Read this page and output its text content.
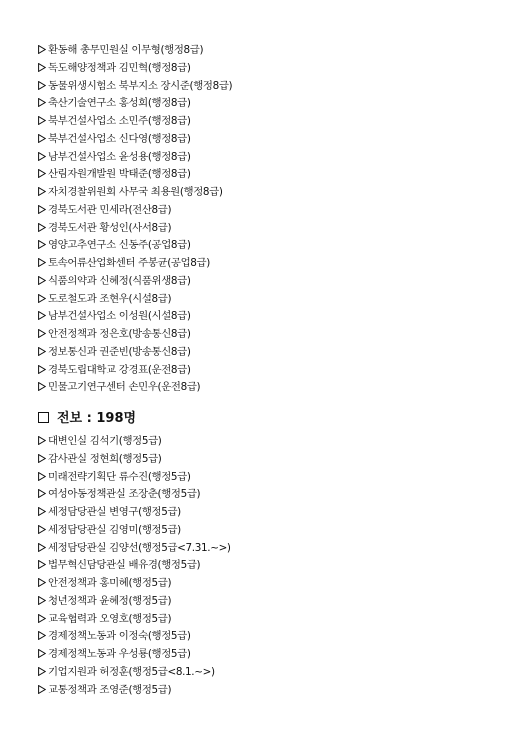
환동해 총무민원실 이무형(행정8급)
독도해양정책과 김민혁(행정8급)
동물위생시험소 북부지소 장시준(행정8급)
축산기술연구소 홍성희(행정8급)
북부건설사업소 소민주(행정8급)
북부건설사업소 신다영(행정8급)
남부건설사업소 윤성용(행정8급)
산림자원개발원 박태준(행정8급)
자치경찰위원회 사무국 최용원(행정8급)
경북도서관 민세라(전산8급)
경북도서관 황성인(사서8급)
영양고추연구소 신동주(공업8급)
토속어류산업화센터 주봉균(공업8급)
식품의약과 신혜정(식품위생8급)
도로철도과 조현우(시설8급)
남부건설사업소 이성원(시설8급)
안전정책과 정은호(방송통신8급)
정보통신과 권준빈(방송통신8급)
경북도립대학교 강경표(운전8급)
민물고기연구센터 손민우(운전8급)
전보 : 198명
대변인실 김석기(행정5급)
감사관실 정현희(행정5급)
미래전략기획단 류수진(행정5급)
여성아동정책관실 조장춘(행정5급)
세정담당관실 변영구(행정5급)
세정담당관실 김영미(행정5급)
세정담당관실 김양선(행정5급<7.31.~>)
법무혁신담당관실 배유경(행정5급)
안전정책과 홍미혜(행정5급)
청년정책과 윤혜정(행정5급)
교육협력과 오영호(행정5급)
경제정책노동과 이정숙(행정5급)
경제정책노동과 우성룡(행정5급)
기업지원과 허정훈(행정5급<8.1.~>)
교통정책과 조영준(행정5급)
